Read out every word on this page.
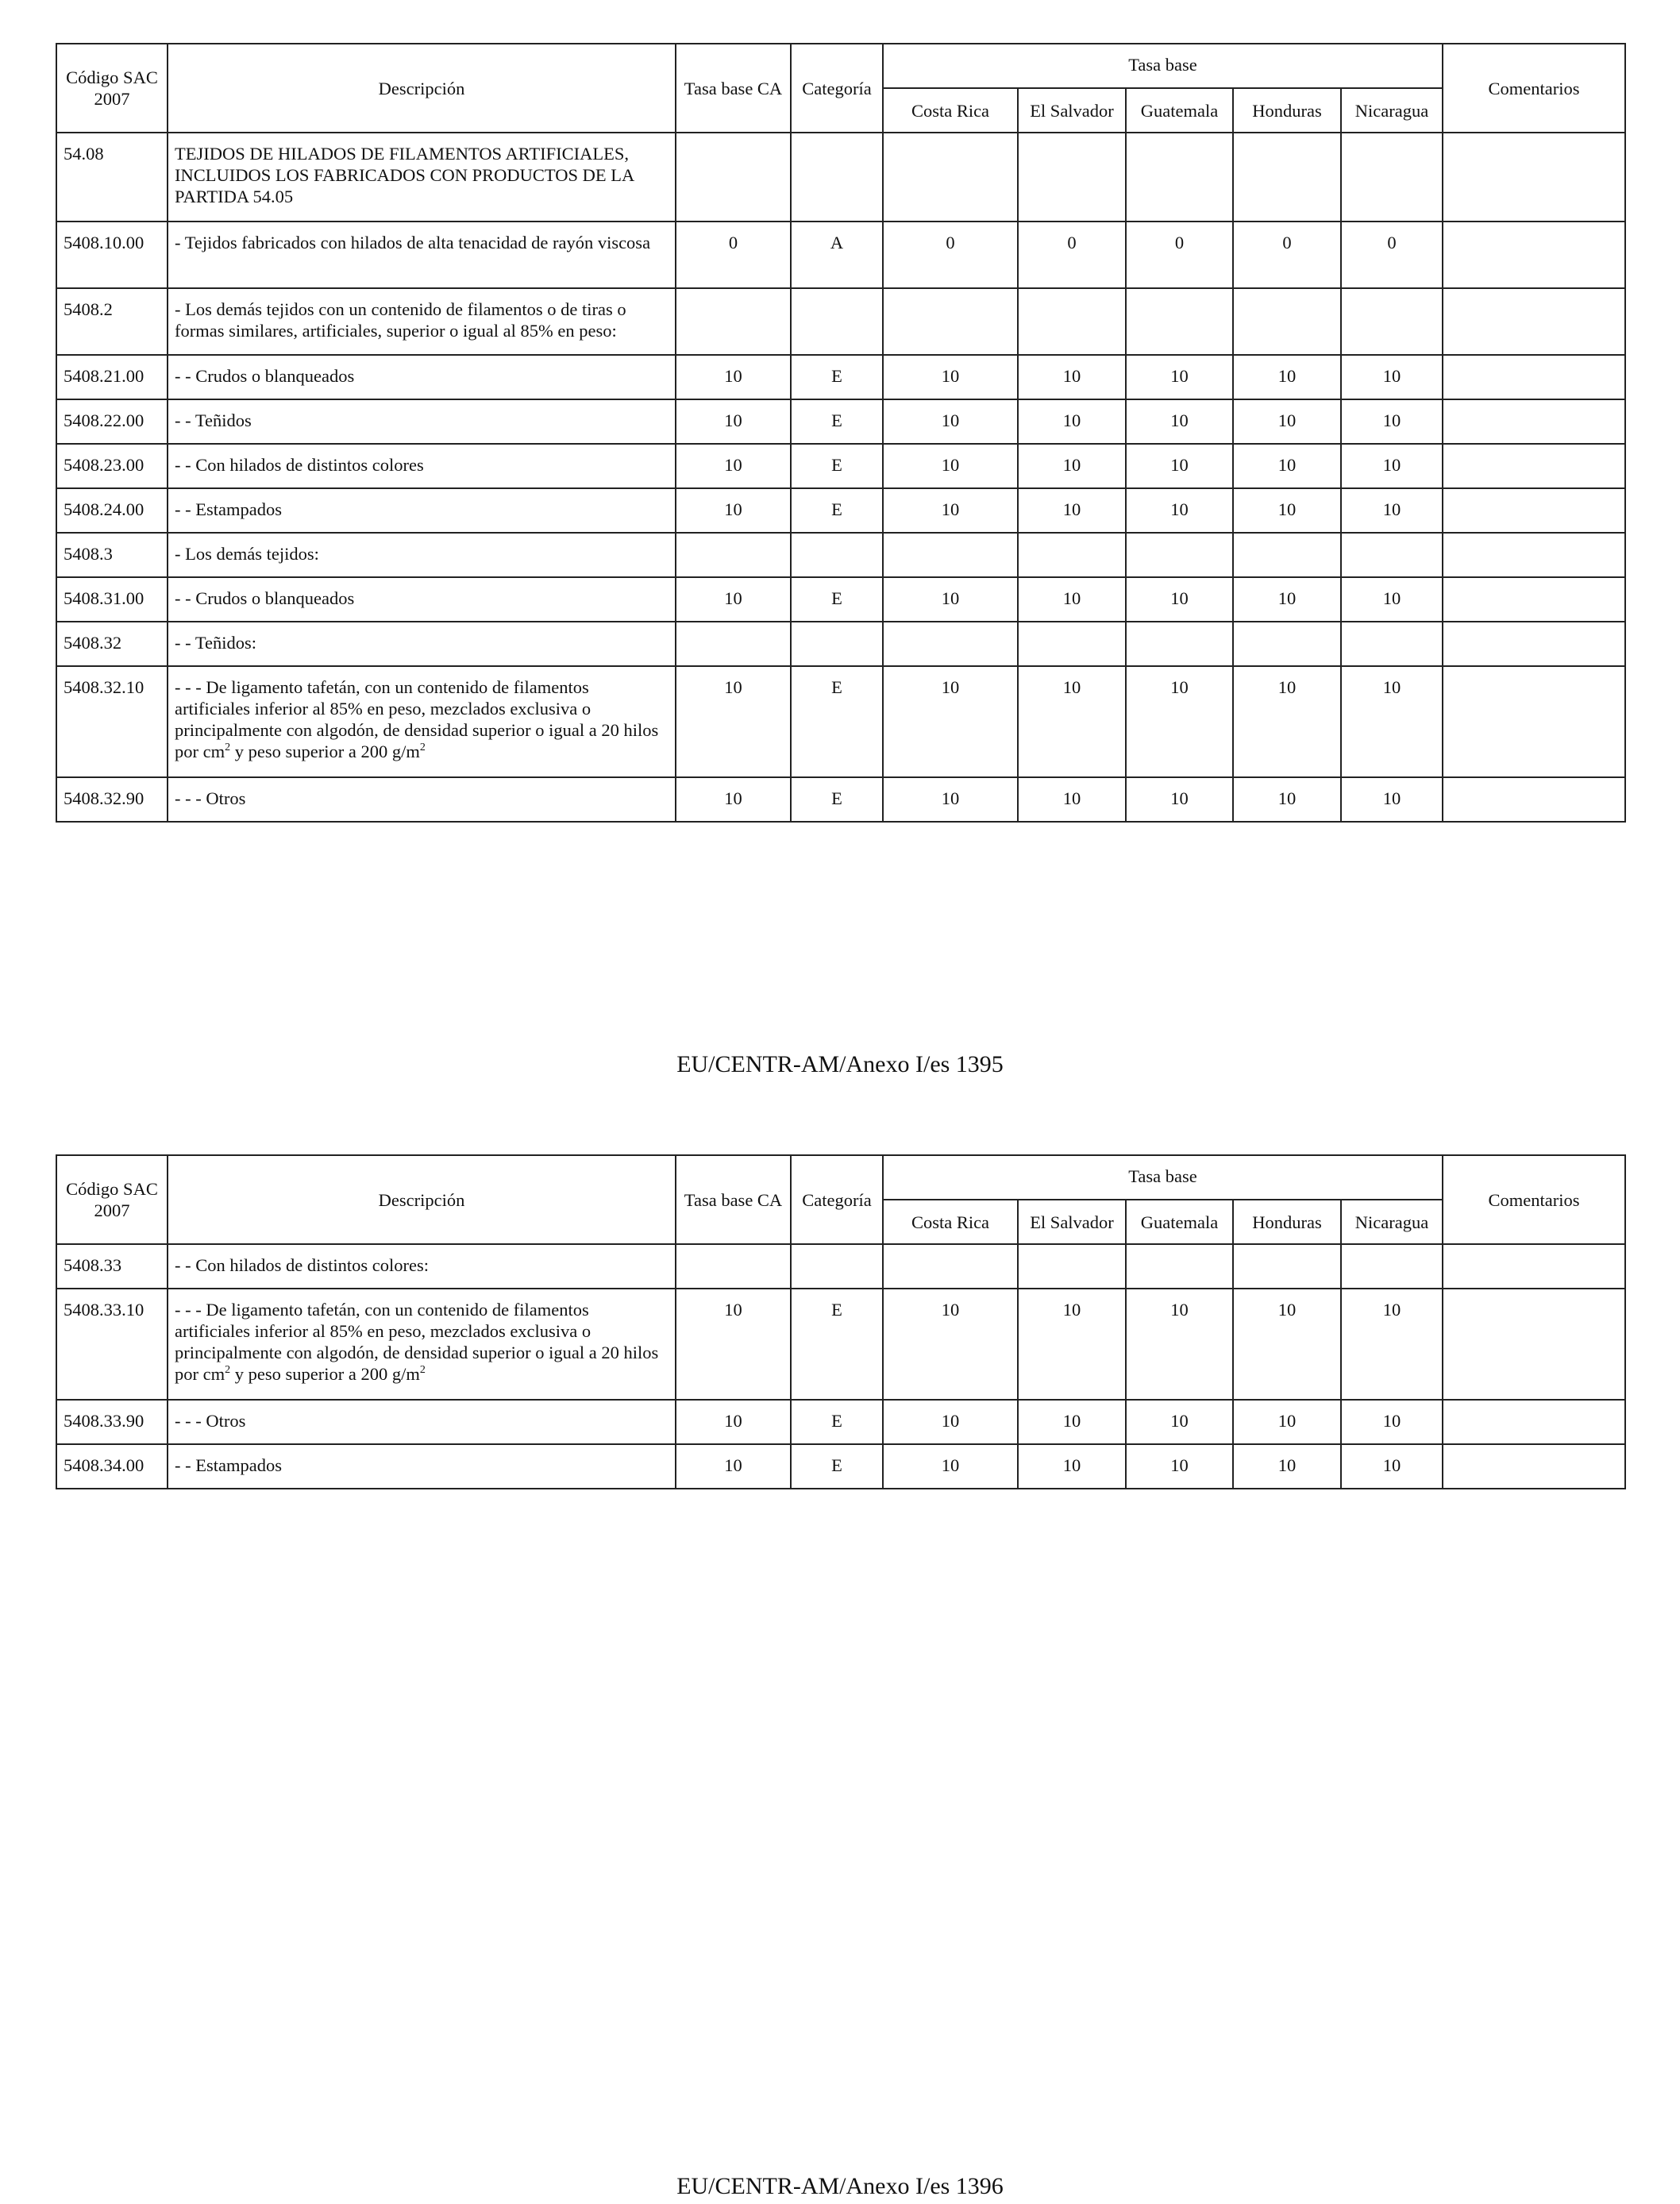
Código SAC 2007	Descripción	Tasa base CA	Categoría	Tasa base					Comentarios
				Costa Rica	El Salvador	Guatemala	Honduras	Nicaragua	
54.08	TEJIDOS DE HILADOS DE FILAMENTOS ARTIFICIALES, INCLUIDOS LOS FABRICADOS CON PRODUCTOS DE LA PARTIDA 54.05								
5408.10.00	- Tejidos fabricados con hilados de alta tenacidad de rayón viscosa	0	A	0	0	0	0	0	
5408.2	- Los demás tejidos con un contenido de filamentos o de tiras o formas similares, artificiales, superior o igual al 85% en peso:								
5408.21.00	- - Crudos o blanqueados	10	E	10	10	10	10	10	
5408.22.00	- - Teñidos	10	E	10	10	10	10	10	
5408.23.00	- - Con hilados de distintos colores	10	E	10	10	10	10	10	
5408.24.00	- - Estampados	10	E	10	10	10	10	10	
5408.3	- Los demás tejidos:								
5408.31.00	- - Crudos o blanqueados	10	E	10	10	10	10	10	
5408.32	- - Teñidos:								
5408.32.10	- - - De ligamento tafetán, con un contenido de filamentos artificiales inferior al 85% en peso, mezclados exclusiva o principalmente con algodón, de densidad superior o igual a 20 hilos por $cm^2$ y peso superior a 200 $g/m^2$	10	E	10	10	10	10	10	
5408.32.90	- - - Otros	10	E	10	10	10	10	10	
EU/CENTR-AM/Anexo I/es 1395
Código SAC 2007	Descripción	Tasa base CA	Categoría	Tasa base					Comentarios
				Costa Rica	El Salvador	Guatemala	Honduras	Nicaragua	
5408.33	- - Con hilados de distintos colores:								
5408.33.10	- - - De ligamento tafetán, con un contenido de filamentos artificiales inferior al 85% en peso, mezclados exclusiva o principalmente con algodón, de densidad superior o igual a 20 hilos por $cm^2$ y peso superior a 200 $g/m^2$	10	E	10	10	10	10	10	
5408.33.90	- - - Otros	10	E	10	10	10	10	10	
5408.34.00	- - Estampados	10	E	10	10	10	10	10	
EU/CENTR-AM/Anexo I/es 1396
